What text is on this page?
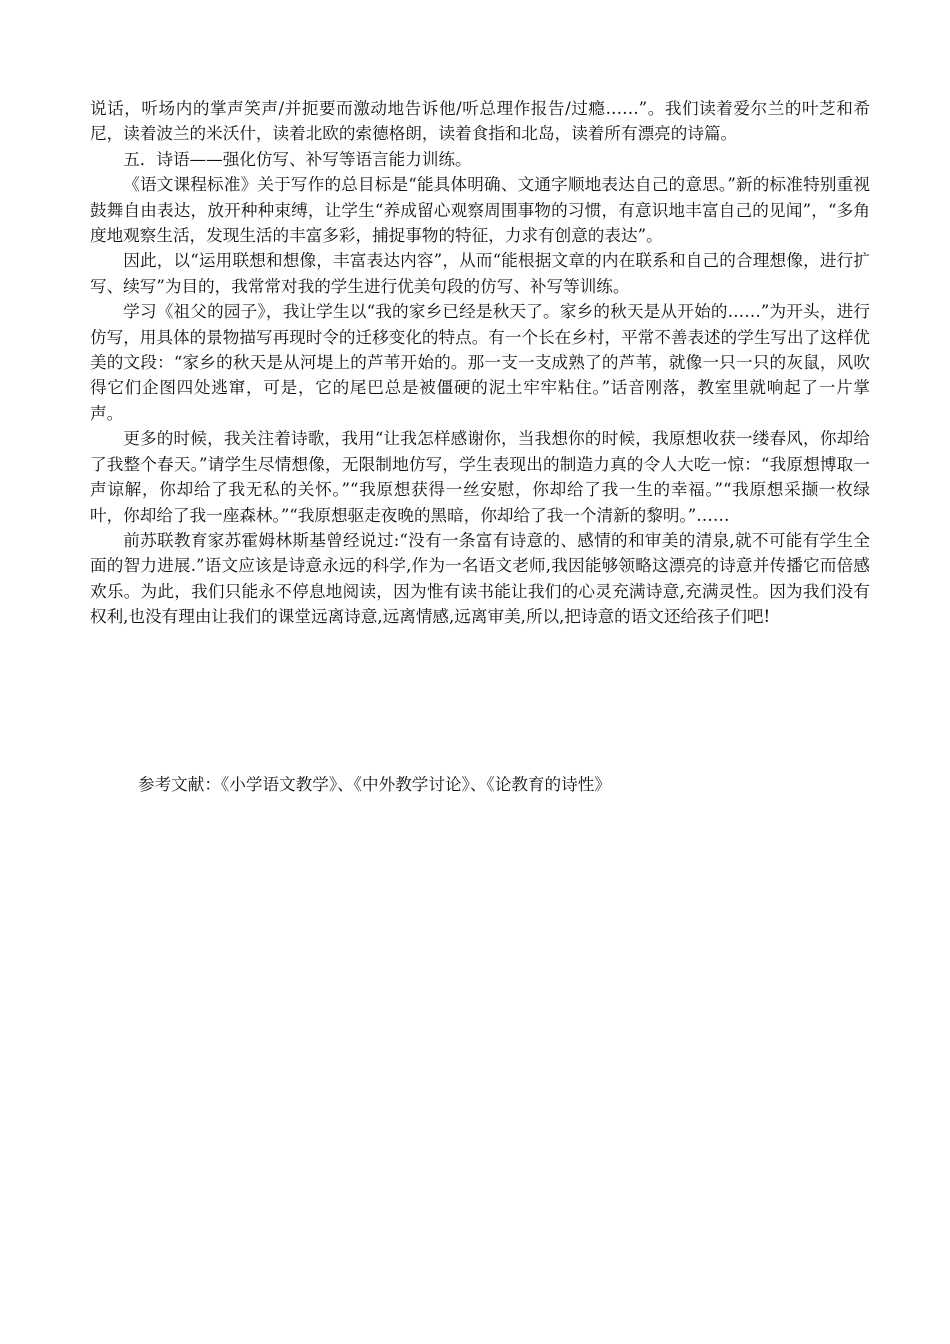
说话，听场内的掌声笑声/并扼要而激动地告诉他/听总理作报告/过瘾……”。我们读着爱尔兰的叶芝和希尼，读着波兰的米沃什，读着北欧的索德格朗，读着食指和北岛，读着所有漂亮的诗篇。

五．诗语——强化仿写、补写等语言能力训练。

《语文课程标准》关于写作的总目标是“能具体明确、文通字顺地表达自己的意思。”新的标准特别重视鼓舞自由表达，放开种种束缚，让学生“养成留心观察周围事物的习惯，有意识地丰富自己的见闻”，“多角度地观察生活，发现生活的丰富多彩，捕捉事物的特征，力求有创意的表达”。

因此，以“运用联想和想像，丰富表达内容”，从而“能根据文章的内在联系和自己的合理想像，进行扩写、续写”为目的，我常常对我的学生进行优美句段的仿写、补写等训练。

学习《祖父的园子》，我让学生以“我的家乡已经是秋天了。家乡的秋天是从开始的……”为开头，进行仿写，用具体的景物描写再现时令的迁移变化的特点。有一个长在乡村，平常不善表述的学生写出了这样优美的文段：“家乡的秋天是从河堤上的芦苇开始的。那一支一支成熟了的芦苇，就像一只一只的灰鼠，风吹得它们企图四处逃窜，可是，它的尾巴总是被僵硬的泥土牢牢粘住。”话音刚落，教室里就响起了一片掌声。

更多的时候，我关注着诗歌，我用“让我怎样感谢你，当我想你的时候，我原想收获一缕春风，你却给了我整个春天。”请学生尽情想像，无限制地仿写，学生表现出的制造力真的令人大吃一惊：“我原想博取一声谅解，你却给了我无私的关怀。”“我原想获得一丝安慰，你却给了我一生的幸福。”“我原想采撷一枚绿叶，你却给了我一座森林。”“我原想驱走夜晚的黑暗，你却给了我一个清新的黎明。”……

前苏联教育家苏霍姆林斯基曾经说过:“没有一条富有诗意的、感情的和审美的清泉,就不可能有学生全面的智力进展.”语文应该是诗意永远的科学,作为一名语文老师,我因能够领略这漂亮的诗意并传播它而倍感欢乐。为此，我们只能永不停息地阅读，因为惟有读书能让我们的心灵充满诗意,充满灵性。因为我们没有权利,也没有理由让我们的课堂远离诗意,远离情感,远离审美,所以,把诗意的语文还给孩子们吧!

参考文献：《小学语文教学》、《中外教学讨论》、《论教育的诗性》
